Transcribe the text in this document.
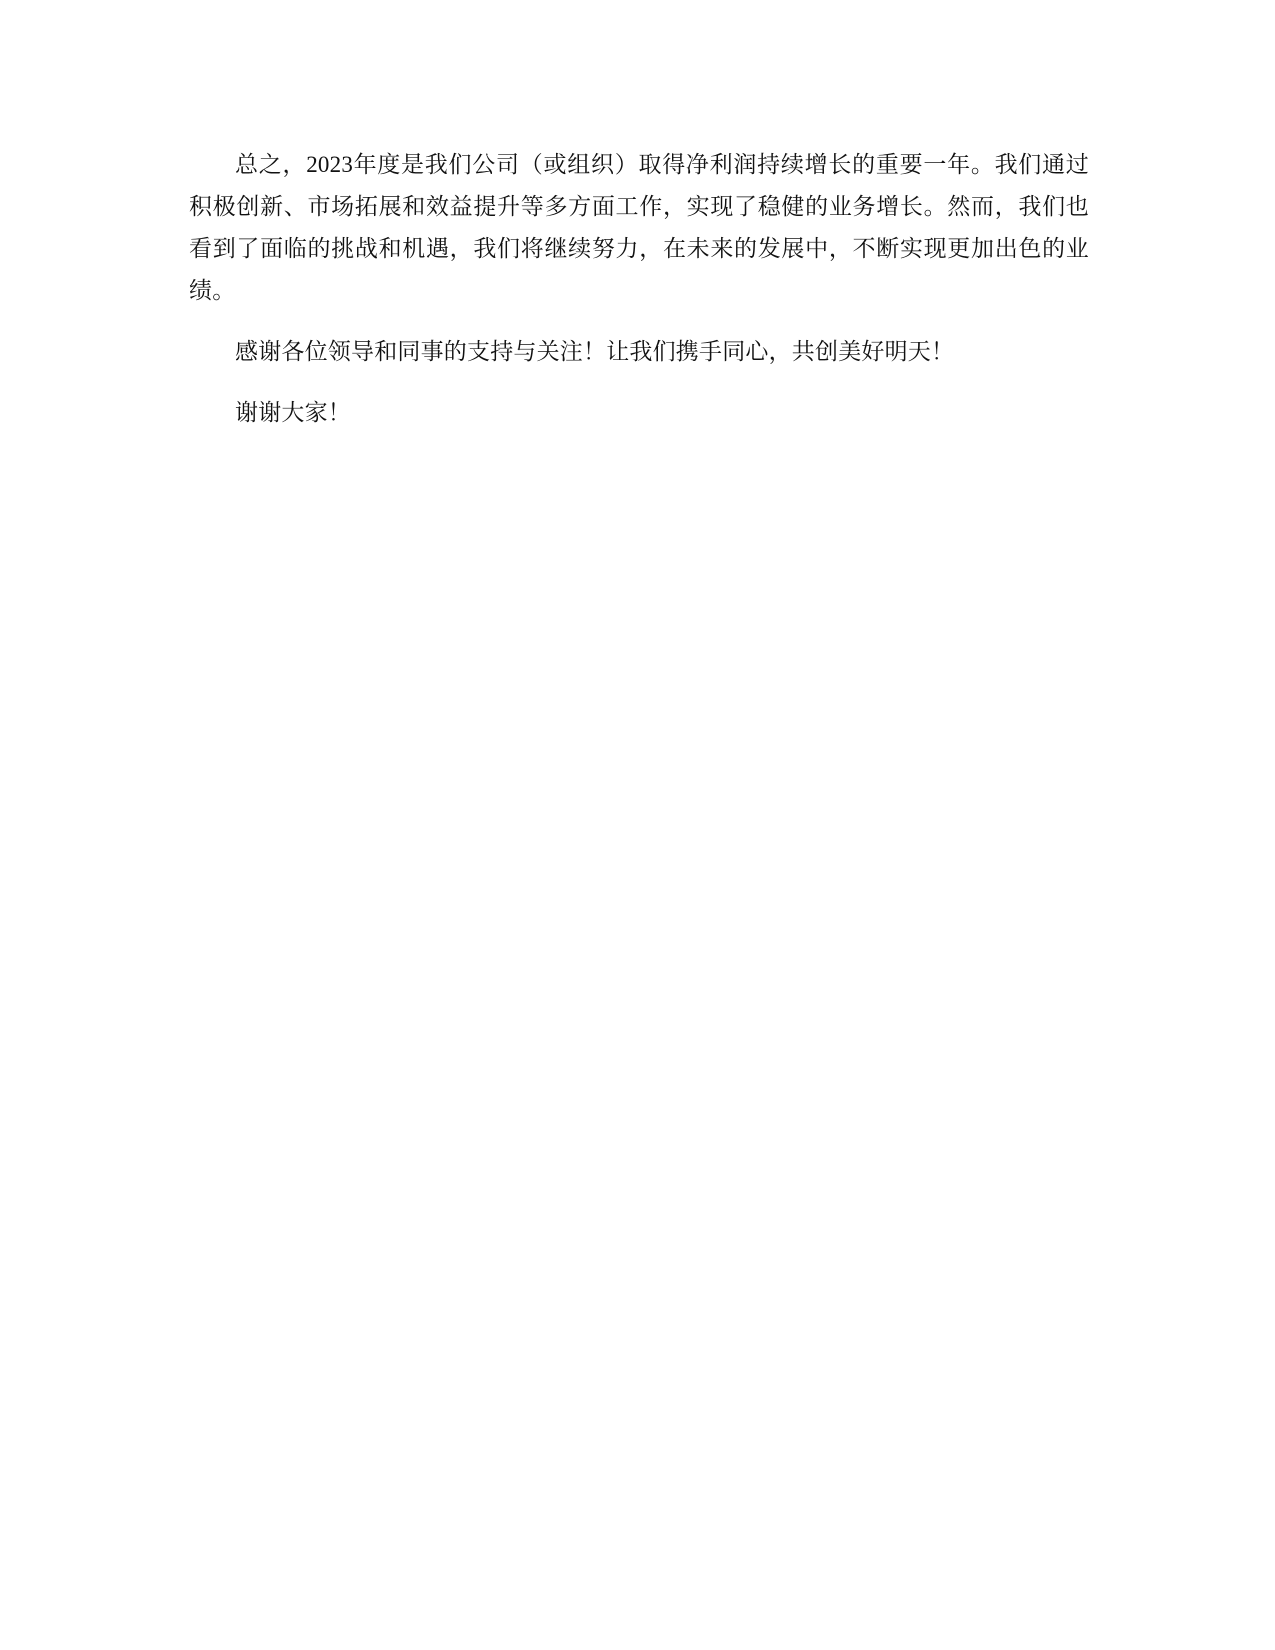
总之，2023年度是我们公司（或组织）取得净利润持续增长的重要一年。我们通过积极创新、市场拓展和效益提升等多方面工作，实现了稳健的业务增长。然而，我们也看到了面临的挑战和机遇，我们将继续努力，在未来的发展中，不断实现更加出色的业绩。

感谢各位领导和同事的支持与关注！让我们携手同心，共创美好明天！

谢谢大家！
